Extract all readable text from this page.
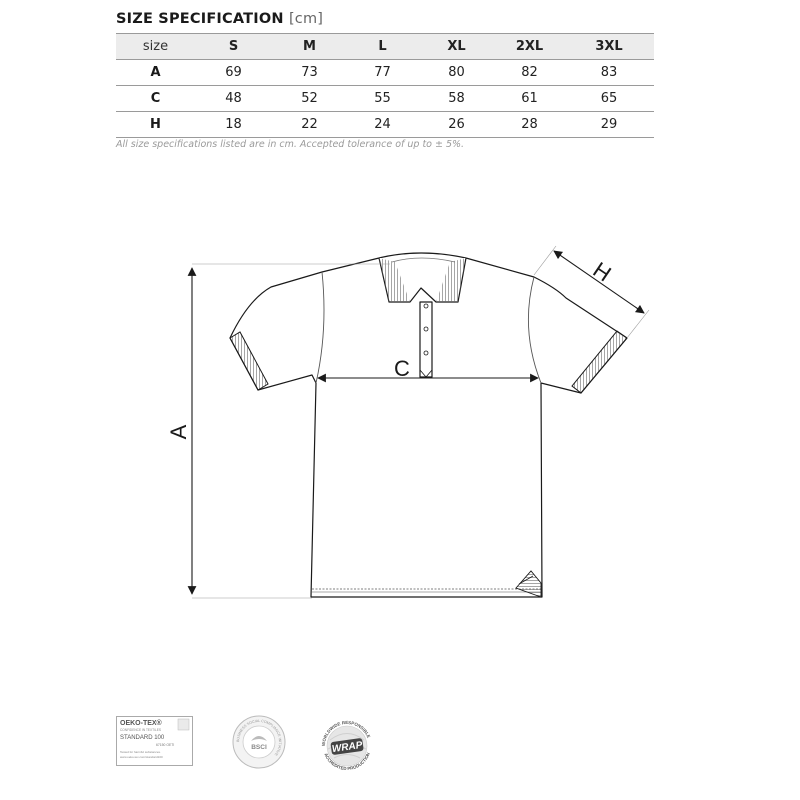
SIZE SPECIFICATION [cm]
size	S	M	L	XL	2XL	3XL
A	69	73	77	80	82	83
C	48	52	55	58	61	65
H	18	22	24	26	28	29
All size specifications listed are in cm. Accepted tolerance of up to ± 5%.
A
C
H
OEKO-TEX®
CONFIDENCE IN TEXTILES
STANDARD 100
67150 OETI
Tested for harmful substances.
www.oeko-tex.com/standard100
BUSINESS SOCIAL COMPLIANCE INITIATIVE
BSCI
WORLDWIDE RESPONSIBLE
ACCREDITED PRODUCTION
WRAP
